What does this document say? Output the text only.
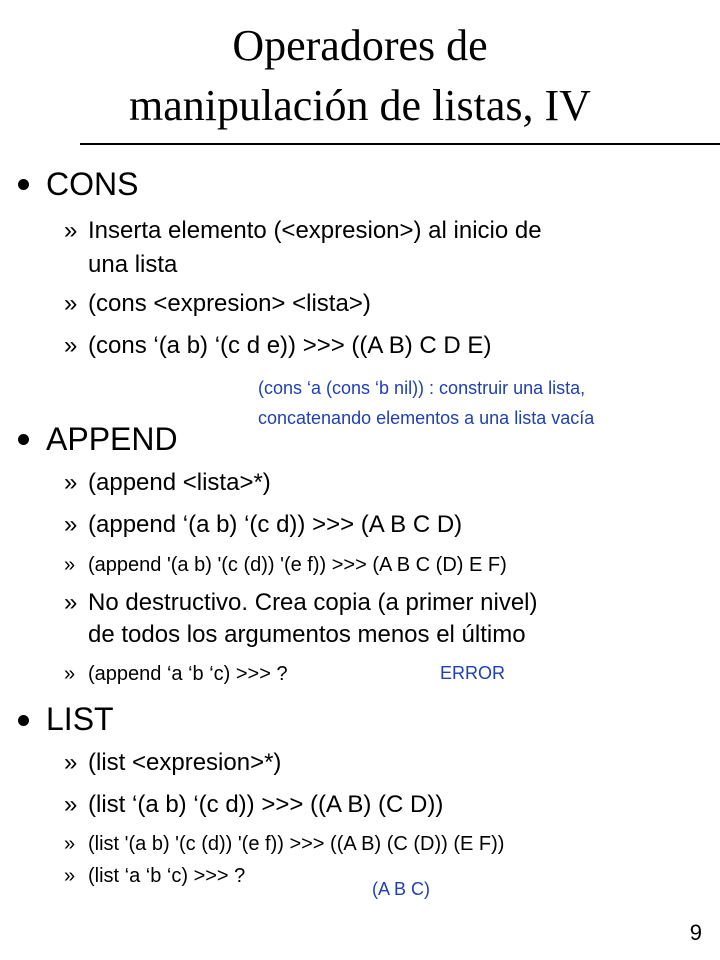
Operadores de
manipulación de listas, IV
CONS
» Inserta elemento (<expresion>) al inicio de
una lista
» (cons <expresion> <lista>)
» (cons ‘(a b) ‘(c d e)) >>> ((A B) C D E)
(cons ‘a (cons ‘b nil)) : construir una lista,
concatenando elementos a una lista vacía
APPEND
» (append <lista>*)
» (append ‘(a b) ‘(c d)) >>> (A B C D)
» (append '(a b) '(c (d)) '(e f)) >>> (A B C (D) E F)
» No destructivo. Crea copia (a primer nivel)
de todos los argumentos menos el último
» (append ‘a ‘b ‘c) >>> ?	ERROR
LIST
» (list <expresion>*)
» (list ‘(a b) ‘(c d)) >>> ((A B) (C D))
» (list '(a b) '(c (d)) '(e f)) >>> ((A B) (C (D)) (E F))
» (list ‘a ‘b ‘c) >>> ?
(A B C)
9
